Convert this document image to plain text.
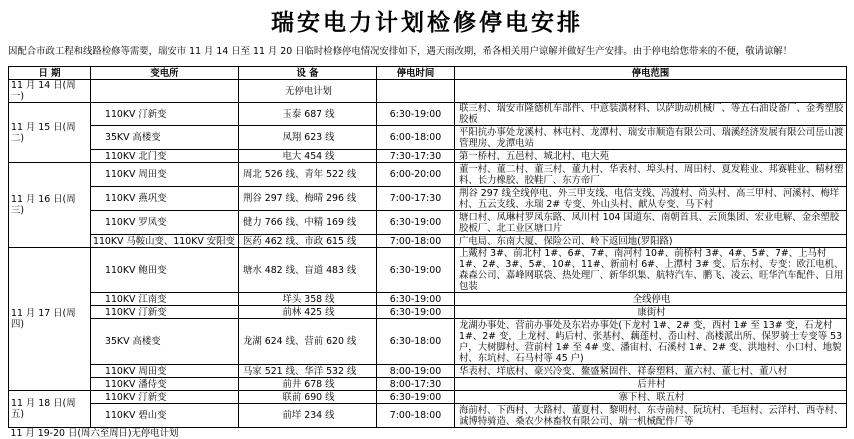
瑞安电力计划检修停电安排
因配合市政工程和线路检修等需要，瑞安市 11 月 14 日至 11 月 20 日临时检修停电情况安排如下，遇天雨改期，希各相关用户谅解并做好生产安排。由于停电给您带来的不便，敬请谅解！
日 期	变电所	设 备	停电时间	停电范围
11 月 14 日(周一)		无停电计划		
11 月 15 日(周二)	110KV 汀新变	玉泰 687 线	6:30-19:00	联三村、瑞安市隆德机车部件、中意装潢材料、以萨助动机械厂、等五石油设备厂、金秀塑胶胶板
	35KV 高楼变	凤翔 623 线	6:00-18:00	平阳抗办事处龙溪村、林屯村、龙潭村、瑞安市顺造有限公司、瑞溪经济发展有限公司岳山渡管理房、龙潭电站
	110KV 北门变	电大 454 线	7:30-17:30	第一桥村、五邑村、城北村、电大苑
11 月 16 日(周三)	110KV 周田变	周北 526 线、青年 522 线	6:00-20:00	董一村、董二村、董三村、董九村、华表村、埠头村、周田村、夏发鞋业、邦赛鞋业、精材塑料、长力橡胶、胶鞋厂、东方帝厂
	110KV 燕巩变	荆谷 297 线、梅晴 296 线	7:00-17:30	荆谷 297 线全线停电、外三甲支线、电信支线、冯渡村、尚头村、高三甲村、河溪村、梅垟村、五云支线、永瑞 2# 专变、外山头村、献从专变、马下村
	110KV 罗凤变	健力 766 线、中精 169 线	6:30-19:00	塘口村、凤琳村罗凤东路、凤川村 104 国道东、南朝首具、云顶集团、宏业电解、金余塑胶胶板厂、北工业区塘口片
	110KV 马鞍山变、110KV 安阳变	医药 462 线、市政 615 线	7:00-18:00	广电局、东南大厦、保险公司、岭下返回地(罗阳路)
11 月 17 日(周四)	110KV 鲍田变	塘水 482 线、盲道 483 线	6:30-19:00	上戴村 3#、前北村 1#、6#、7#、南河村 10#、前桥村 3#、4#、5#、7#、上马村 1#、2#、3#、5#、10#、11#、新前村 6#、上潭村 3# 变、后东村、专变：欧江电机、森森公司、嘉峰网联袋、热处理厂、新华织集、航特汽车、鹏飞、凌云、旺华汽车配件、日用包装
	110KV 江南变	垟头 358 线	6:30-19:00	全线停电
	110KV 汀新变	前林 425 线	6:30-19:00	康街村
	35KV 高楼变	龙湖 624 线、营前 620 线	6:30-18:00	龙湖办事处、营前办事处及东岩办事处(下龙村 1#、2# 变，西村 1# 至 13# 变，石龙村 1#、2# 变，上龙村、屿后村、张基村、藕莲村、岙山村、高楼派出所、保罗骑士专变等 53 户，大树脚村、营前村 1# 至 4# 变、潘宙村、石溪村 1#、2# 变、洪地村、小口村、地貌村、东坑村、石马村等 45 户)
	110KV 周田变	马家 521 线、华洋 532 线	8:00-19:00	华表村、垟底村、豪兴冷变、鳌盛紧固件、祥泰塑料、董六村、董七村、董八村
	110KV 潘侍变	前井 678 线	8:00-17:30	后井村
11 月 18 日(周五)	110KV 汀新变	联前 690 线	6:30-19:00	寨下村、联五村
	110KV 碧山变	前垟 234 线	7:00-18:00	海前村、下西村、大路村、董夏村、黎明村、东寺前村、阮坑村、毛垣村、云洋村、西寺村、诚博特骑造、桑农少林畜牧有限公司、瑞一机械配件厂等
11 月 19-20 日(周六至周日)无停电计划				
